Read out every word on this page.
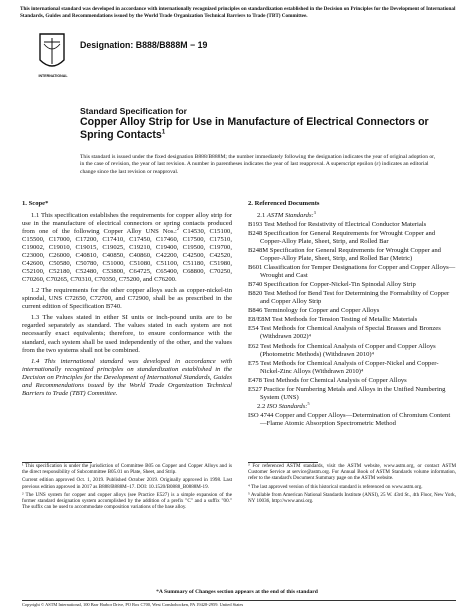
This international standard was developed in accordance with internationally recognized principles on standardization established in the Decision on Principles for the Development of International Standards, Guides and Recommendations issued by the World Trade Organization Technical Barriers to Trade (TBT) Committee.
INTERNATIONAL
Designation: B888/B888M − 19
Standard Specification for
Copper Alloy Strip for Use in Manufacture of Electrical Connectors or Spring Contacts$^1$
This standard is issued under the fixed designation B888/B888M; the number immediately following the designation indicates the year of original adoption or, in the case of revision, the year of last revision. A number in parentheses indicates the year of last reapproval. A superscript epsilon (ε) indicates an editorial change since the last revision or reapproval.

1. Scope*

1.1 This specification establishes the requirements for copper alloy strip for use in the manufacture of electrical connectors or spring contacts produced from one of the following Copper Alloy UNS Nos.:$^2$ C14530, C15100, C15500, C17000, C17200, C17410, C17450, C17460, C17500, C17510, C19002, C19010, C19015, C19025, C19210, C19400, C19500, C19700, C23000, C26000, C40810, C40850, C40860, C42200, C42500, C42520, C42600, C50580, C50780, C51000, C51080, C51100, C51180, C51980, C52100, C52180, C52480, C53800, C64725, C65400, C68800, C70250, C70260, C70265, C70310, C70350, C75200, and C76200.

1.2 The requirements for the other copper alloys such as copper-nickel-tin spinodal, UNS C72650, C72700, and C72900, shall be as prescribed in the current edition of Specification B740.

1.3 The values stated in either SI units or inch-pound units are to be regarded separately as standard. The values stated in each system are not necessarily exact equivalents; therefore, to ensure conformance with the standard, each system shall be used independently of the other, and the values from the two systems shall not be combined.

1.4 This international standard was developed in accordance with internationally recognized principles on standardization established in the Decision on Principles for the Development of International Standards, Guides and Recommendations issued by the World Trade Organization Technical Barriers to Trade (TBT) Committee.

2. Referenced Documents

2.1 ASTM Standards:$^3$

B193 Test Method for Resistivity of Electrical Conductor Materials

B248 Specification for General Requirements for Wrought Copper and Copper-Alloy Plate, Sheet, Strip, and Rolled Bar

B248M Specification for General Requirements for Wrought Copper and Copper-Alloy Plate, Sheet, Strip, and Rolled Bar (Metric)

B601 Classification for Temper Designations for Copper and Copper Alloys—Wrought and Cast

B740 Specification for Copper-Nickel-Tin Spinodal Alloy Strip

B820 Test Method for Bend Test for Determining the Formability of Copper and Copper Alloy Strip

B846 Terminology for Copper and Copper Alloys

E8/E8M Test Methods for Tension Testing of Metallic Materials

E54 Test Methods for Chemical Analysis of Special Brasses and Bronzes (Withdrawn 2002)⁴

E62 Test Methods for Chemical Analysis of Copper and Copper Alloys (Photometric Methods) (Withdrawn 2010)⁴

E75 Test Methods for Chemical Analysis of Copper-Nickel and Copper-Nickel-Zinc Alloys (Withdrawn 2010)⁴

E478 Test Methods for Chemical Analysis of Copper Alloys

E527 Practice for Numbering Metals and Alloys in the Unified Numbering System (UNS)

2.2 ISO Standards:$^5$

ISO 4744 Copper and Copper Alloys—Determination of Chromium Content—Flame Atomic Absorption Spectrometric Method

¹ This specification is under the jurisdiction of Committee B05 on Copper and Copper Alloys and is the direct responsibility of Subcommittee B05.01 on Plate, Sheet, and Strip.

Current edition approved Oct. 1, 2019. Published October 2019. Originally approved in 1998. Last previous edition approved in 2017 as B888/B888M–17. DOI: 10.1520/B0888_B0888M-19.

² The UNS system for copper and copper alloys (see Practice E527) is a simple expansion of the former standard designation system accomplished by the addition of a prefix "C" and a suffix "00." The suffix can be used to accommodate composition variations of the base alloy.

³ For referenced ASTM standards, visit the ASTM website, www.astm.org, or contact ASTM Customer Service at service@astm.org. For Annual Book of ASTM Standards volume information, refer to the standard's Document Summary page on the ASTM website.

⁴ The last approved version of this historical standard is referenced on www.astm.org.

⁵ Available from American National Standards Institute (ANSI), 25 W. 43rd St., 4th Floor, New York, NY 10036, http://www.ansi.org.

*A Summary of Changes section appears at the end of this standard
Copyright © ASTM International, 100 Barr Harbor Drive, PO Box C700, West Conshohocken, PA 19428-2959. United States
